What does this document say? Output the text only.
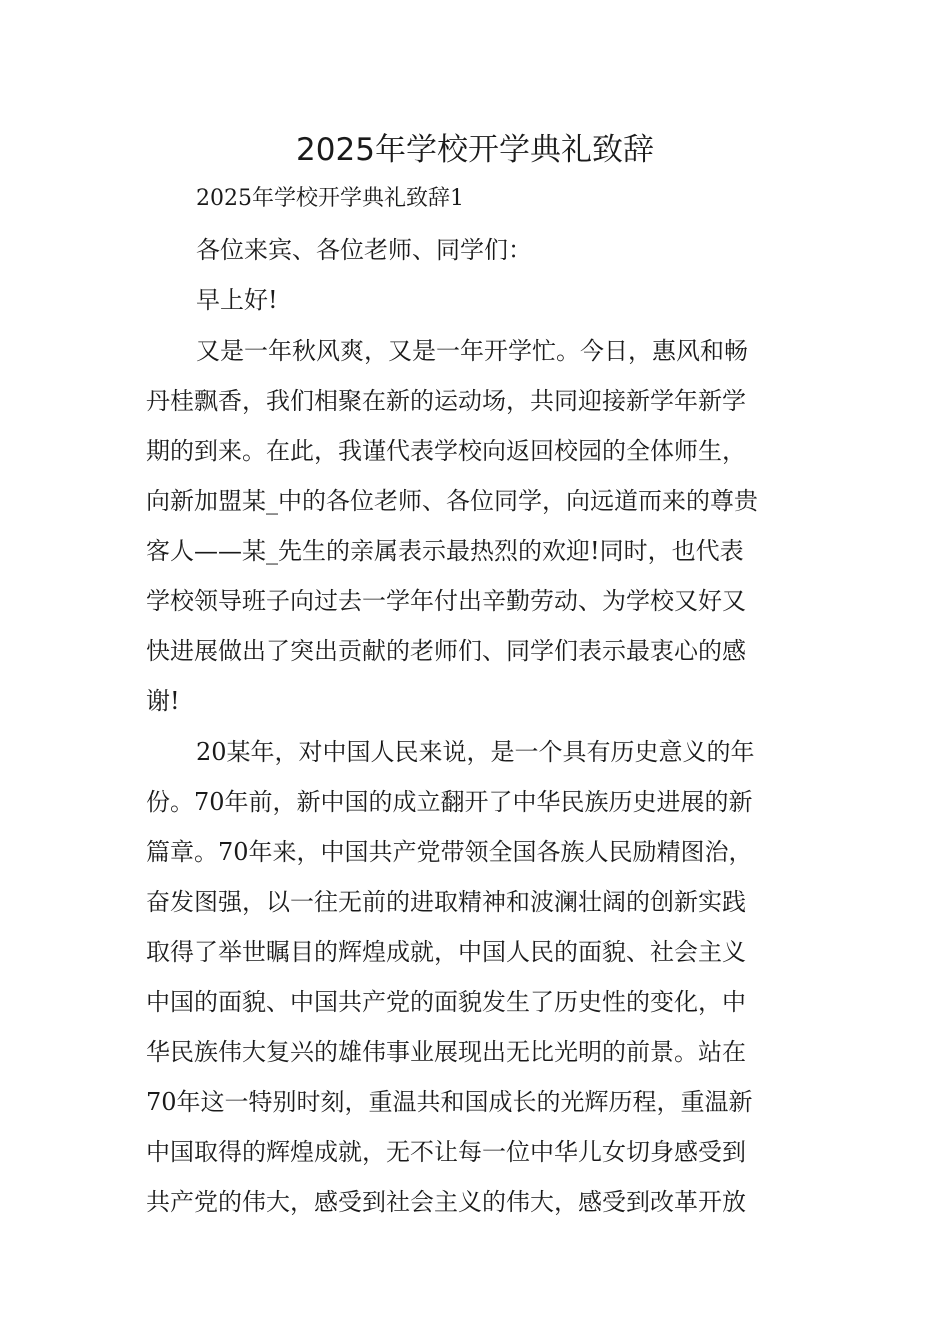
2025年学校开学典礼致辞
2025年学校开学典礼致辞1
各位来宾、各位老师、同学们：
早上好!
又是一年秋风爽，又是一年开学忙。今日，惠风和畅
丹桂飘香，我们相聚在新的运动场，共同迎接新学年新学
期的到来。在此，我谨代表学校向返回校园的全体师生，
向新加盟某_中的各位老师、各位同学，向远道而来的尊贵
客人——某_先生的亲属表示最热烈的欢迎!同时，也代表
学校领导班子向过去一学年付出辛勤劳动、为学校又好又
快进展做出了突出贡献的老师们、同学们表示最衷心的感
谢!
20某年，对中国人民来说，是一个具有历史意义的年
份。70年前，新中国的成立翻开了中华民族历史进展的新
篇章。70年来，中国共产党带领全国各族人民励精图治，
奋发图强，以一往无前的进取精神和波澜壮阔的创新实践
取得了举世瞩目的辉煌成就，中国人民的面貌、社会主义
中国的面貌、中国共产党的面貌发生了历史性的变化，中
华民族伟大复兴的雄伟事业展现出无比光明的前景。站在
70年这一特别时刻，重温共和国成长的光辉历程，重温新
中国取得的辉煌成就，无不让每一位中华儿女切身感受到
共产党的伟大，感受到社会主义的伟大，感受到改革开放
